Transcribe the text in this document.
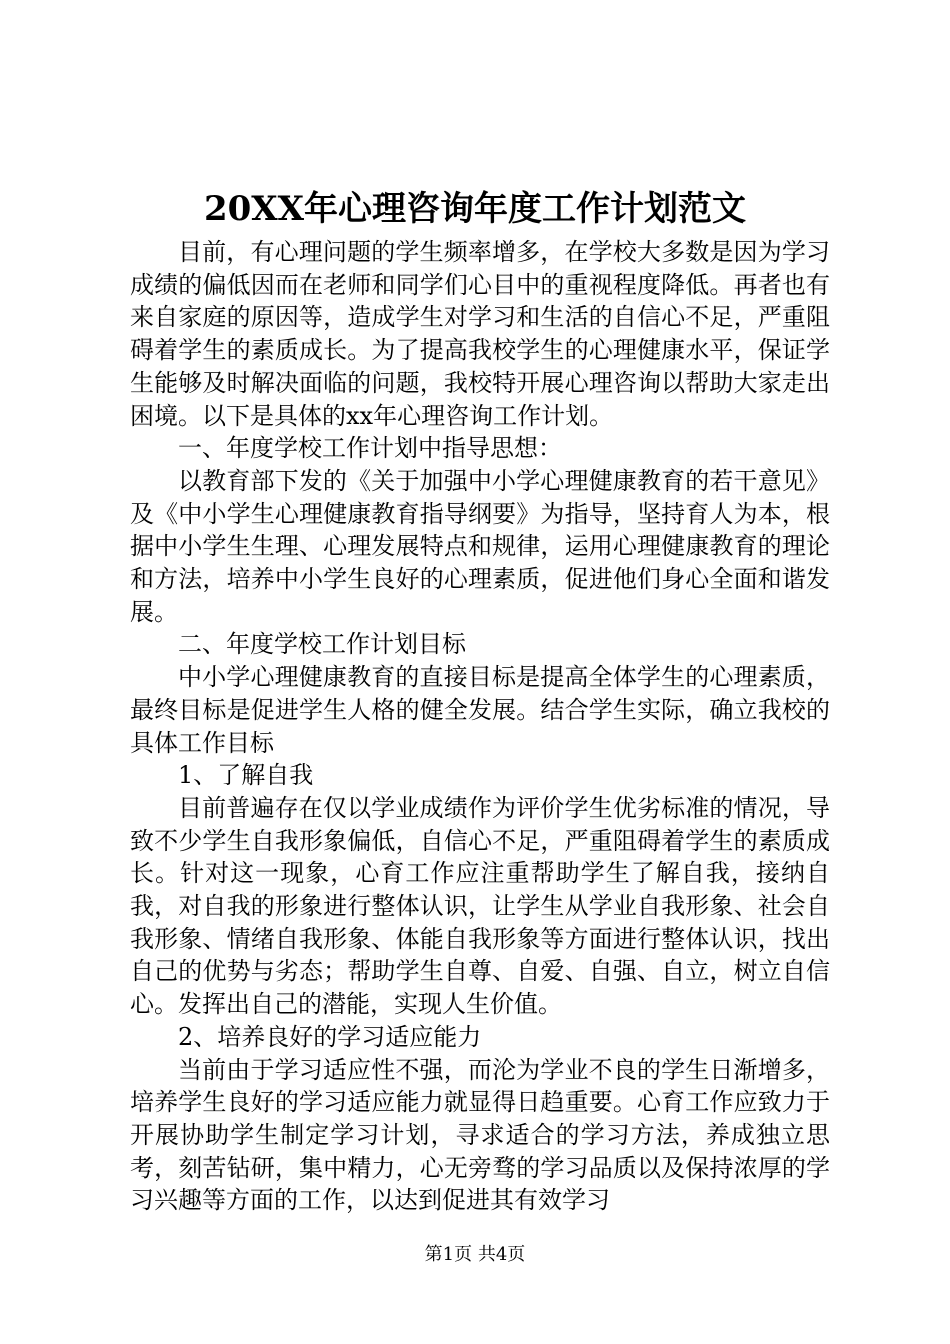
20XX年心理咨询年度工作计划范文

目前，有心理问题的学生频率增多，在学校大多数是因为学习成绩的偏低因而在老师和同学们心目中的重视程度降低。再者也有来自家庭的原因等，造成学生对学习和生活的自信心不足，严重阻碍着学生的素质成长。为了提高我校学生的心理健康水平，保证学生能够及时解决面临的问题，我校特开展心理咨询以帮助大家走出困境。以下是具体的xx年心理咨询工作计划。

一、年度学校工作计划中指导思想：

以教育部下发的《关于加强中小学心理健康教育的若干意见》及《中小学生心理健康教育指导纲要》为指导，坚持育人为本，根据中小学生生理、心理发展特点和规律，运用心理健康教育的理论和方法，培养中小学生良好的心理素质，促进他们身心全面和谐发展。

二、年度学校工作计划目标

中小学心理健康教育的直接目标是提高全体学生的心理素质，最终目标是促进学生人格的健全发展。结合学生实际，确立我校的具体工作目标

1、了解自我

目前普遍存在仅以学业成绩作为评价学生优劣标准的情况，导致不少学生自我形象偏低，自信心不足，严重阻碍着学生的素质成长。针对这一现象，心育工作应注重帮助学生了解自我，接纳自我，对自我的形象进行整体认识，让学生从学业自我形象、社会自我形象、情绪自我形象、体能自我形象等方面进行整体认识，找出自己的优势与劣态；帮助学生自尊、自爱、自强、自立，树立自信心。发挥出自己的潜能，实现人生价值。

2、培养良好的学习适应能力

当前由于学习适应性不强，而沦为学业不良的学生日渐增多，培养学生良好的学习适应能力就显得日趋重要。心育工作应致力于开展协助学生制定学习计划，寻求适合的学习方法，养成独立思考，刻苦钻研，集中精力，心无旁骛的学习品质以及保持浓厚的学习兴趣等方面的工作，以达到促进其有效学习

第1页 共4页
